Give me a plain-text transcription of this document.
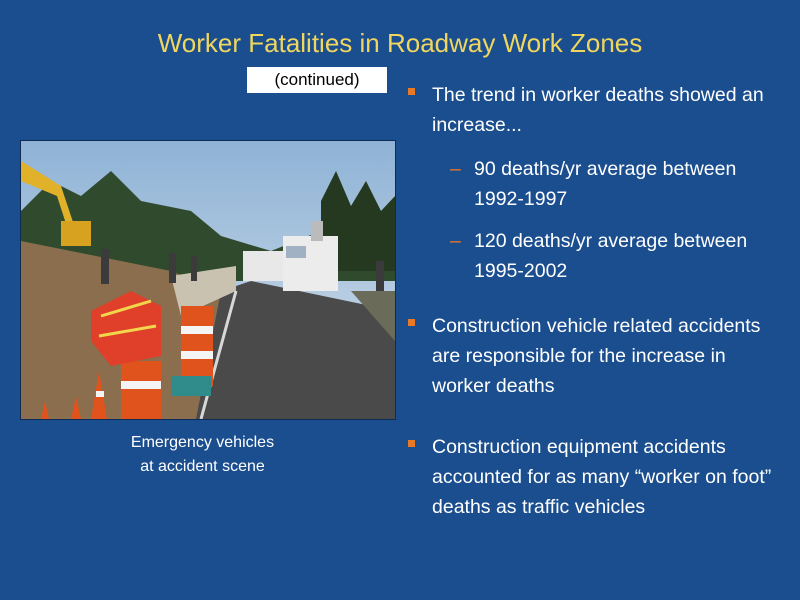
Worker Fatalities in Roadway Work Zones
(continued)
Emergency vehicles
at accident scene
The trend in worker deaths showed an increase...
– 90 deaths/yr average between 1992-1997
– 120 deaths/yr average between 1995-2002
Construction vehicle related accidents are responsible for the increase in worker deaths
Construction equipment accidents accounted for as many “worker on foot” deaths as traffic vehicles
